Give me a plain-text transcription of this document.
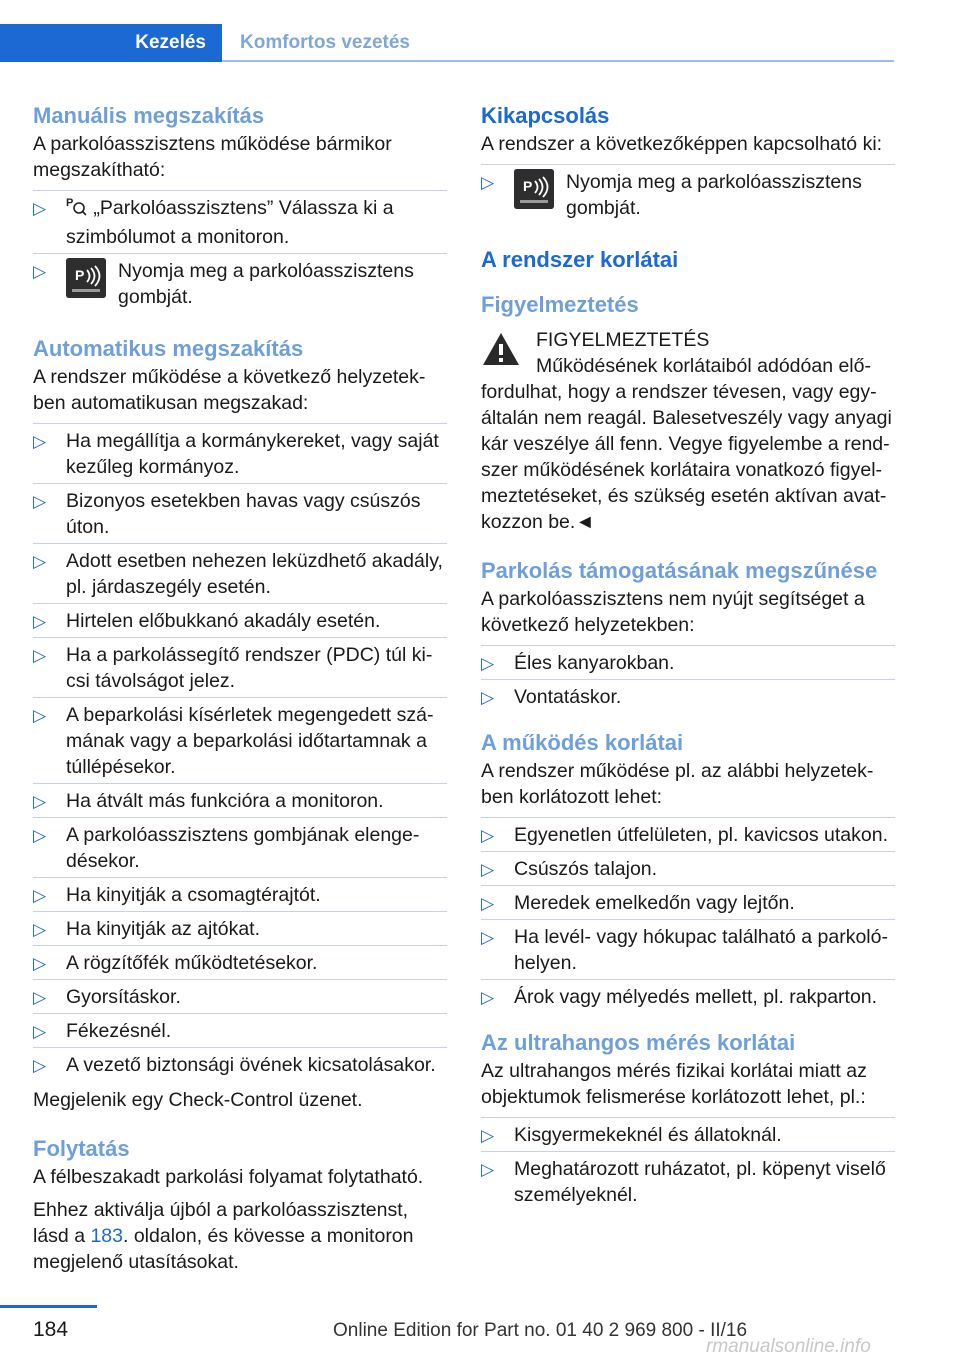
Kezelés	Komfortos vezetés
Manuális megszakítás

A parkolóasszisztens működése bármikor megszakítható:

▷ P „Parkolóasszisztens” Válassza ki a szimbólumot a monitoron.
▷ P Nyomja meg a parkolóasszisztens gombját.
Automatikus megszakítás

A rendszer működése a következő helyzetekben automatikusan megszakad:

▷ Ha megállítja a kormánykereket, vagy saját kezűleg kormányoz.
▷ Bizonyos esetekben havas vagy csúszós úton.
▷ Adott esetben nehezen leküzdhető akadály, pl. járdaszegély esetén.
▷ Hirtelen előbukkanó akadály esetén.
▷ Ha a parkolássegítő rendszer (PDC) túl kicsi távolságot jelez.
▷ A beparkolási kísérletek megengedett számának vagy a beparkolási időtartamnak a túllépésekor.
▷ Ha átvált más funkcióra a monitoron.
▷ A parkolóasszisztens gombjának elengedésekor.
▷ Ha kinyitják a csomagtérajtót.
▷ Ha kinyitják az ajtókat.
▷ A rögzítőfék működtetésekor.
▷ Gyorsításkor.
▷ Fékezésnél.
▷ A vezető biztonsági övének kicsatolásakor.

Megjelenik egy Check-Control üzenet.

Folytatás

A félbeszakadt parkolási folyamat folytatható.

Ehhez aktiválja újból a parkolóasszisztenst, lásd a 183. oldalon, és kövesse a monitoron megjelenő utasításokat.

Kikapcsolás

A rendszer a következőképpen kapcsolható ki:

▷ P Nyomja meg a parkolóasszisztens gombját.
A rendszer korlátai
Figyelmeztetés

FIGYELMEZTETÉS

Működésének korlátaiból adódóan előfordulhat, hogy a rendszer tévesen, vagy egyáltalán nem reagál. Balesetveszély vagy anyagi kár veszélye áll fenn. Vegye figyelembe a rendszer működésének korlátaira vonatkozó figyelmeztetéseket, és szükség esetén aktívan avatkozzon be.◄

Parkolás támogatásának megszűnése

A parkolóasszisztens nem nyújt segítséget a következő helyzetekben:

▷ Éles kanyarokban.
▷ Vontatáskor.
A működés korlátai

A rendszer működése pl. az alábbi helyzetekben korlátozott lehet:

▷ Egyenetlen útfelületen, pl. kavicsos utakon.
▷ Csúszós talajon.
▷ Meredek emelkedőn vagy lejtőn.
▷ Ha levél- vagy hókupac található a parkolóhelyen.
▷ Árok vagy mélyedés mellett, pl. rakparton.
Az ultrahangos mérés korlátai

Az ultrahangos mérés fizikai korlátai miatt az objektumok felismerése korlátozott lehet, pl.:

▷ Kisgyermekeknél és állatoknál.
▷ Meghatározott ruházatot, pl. köpenyt viselő személyeknél.
184	Online Edition for Part no. 01 40 2 969 800 - II/16
rmanualsonline.info
